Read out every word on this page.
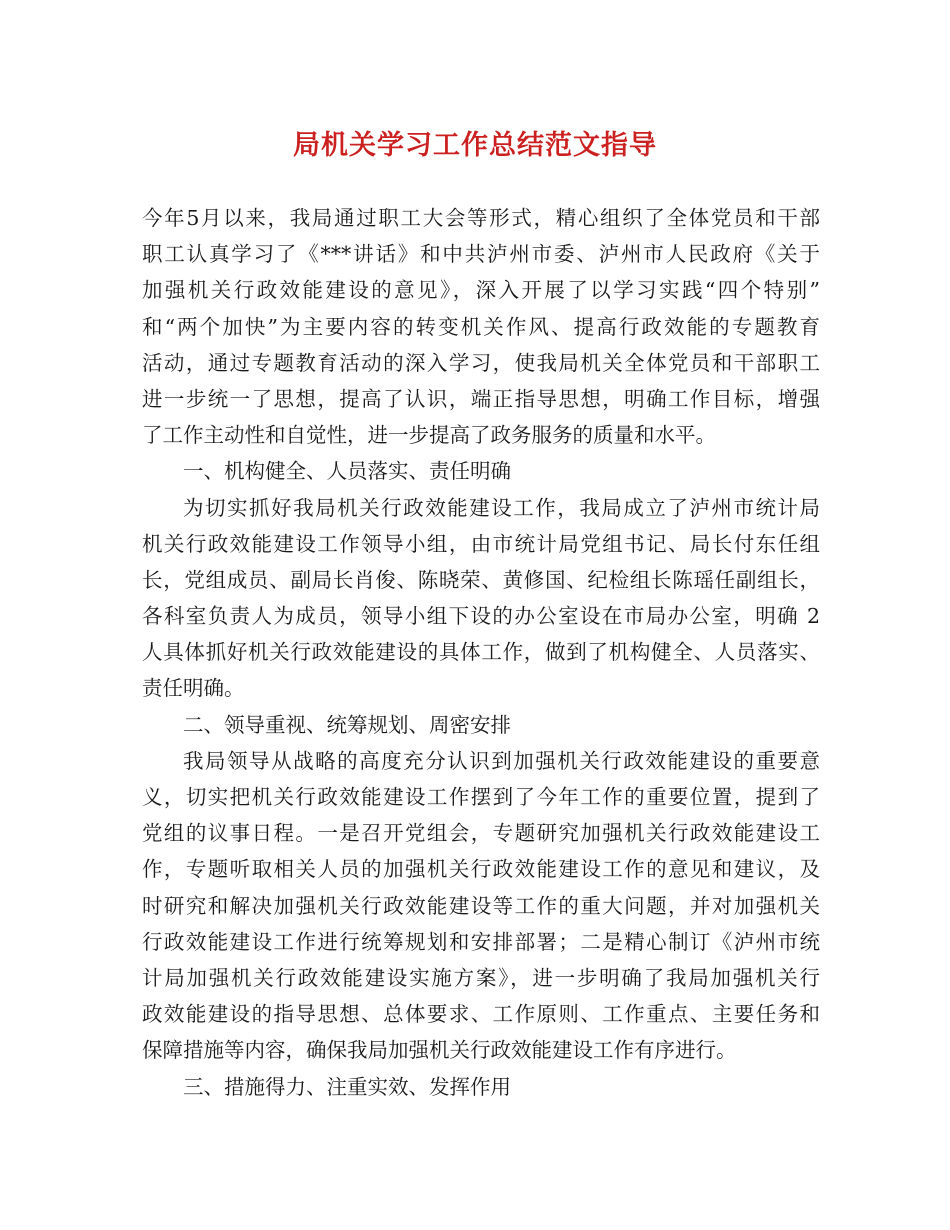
局机关学习工作总结范文指导
今年5月以来，我局通过职工大会等形式，精心组织了全体党员和干部
职工认真学习了《***讲话》和中共泸州市委、泸州市人民政府《关于
加强机关行政效能建设的意见》，深入开展了以学习实践“四个特别”
和“两个加快”为主要内容的转变机关作风、提高行政效能的专题教育
活动，通过专题教育活动的深入学习，使我局机关全体党员和干部职工
进一步统一了思想，提高了认识，端正指导思想，明确工作目标，增强
了工作主动性和自觉性，进一步提高了政务服务的质量和水平。
一、机构健全、人员落实、责任明确
为切实抓好我局机关行政效能建设工作，我局成立了泸州市统计局
机关行政效能建设工作领导小组，由市统计局党组书记、局长付东任组
长，党组成员、副局长肖俊、陈晓荣、黄修国、纪检组长陈瑶任副组长，
各科室负责人为成员，领导小组下设的办公室设在市局办公室，明确 2
人具体抓好机关行政效能建设的具体工作，做到了机构健全、人员落实、
责任明确。
二、领导重视、统筹规划、周密安排
我局领导从战略的高度充分认识到加强机关行政效能建设的重要意
义，切实把机关行政效能建设工作摆到了今年工作的重要位置，提到了
党组的议事日程。一是召开党组会，专题研究加强机关行政效能建设工
作，专题听取相关人员的加强机关行政效能建设工作的意见和建议，及
时研究和解决加强机关行政效能建设等工作的重大问题，并对加强机关
行政效能建设工作进行统筹规划和安排部署；二是精心制订《泸州市统
计局加强机关行政效能建设实施方案》，进一步明确了我局加强机关行
政效能建设的指导思想、总体要求、工作原则、工作重点、主要任务和
保障措施等内容，确保我局加强机关行政效能建设工作有序进行。
三、措施得力、注重实效、发挥作用
